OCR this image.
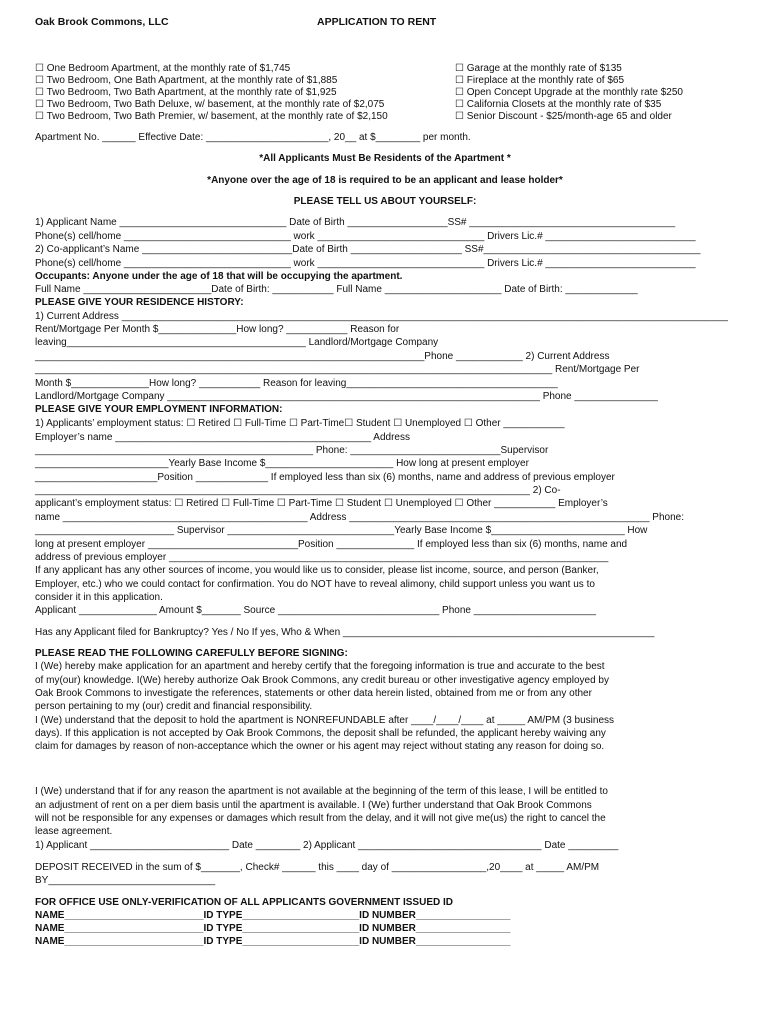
Oak Brook Commons, LLC	APPLICATION TO RENT
☐ One Bedroom Apartment, at the monthly rate of $1,745
☐ Two Bedroom, One Bath Apartment, at the monthly rate of $1,885
☐ Two Bedroom, Two Bath Apartment, at the monthly rate of $1,925
☐ Two Bedroom, Two Bath Deluxe, w/ basement, at the monthly rate of $2,075
☐ Two Bedroom, Two Bath Premier, w/ basement, at the monthly rate of $2,150
☐ Garage at the monthly rate of $135
☐ Fireplace at the monthly rate of $65
☐ Open Concept Upgrade at the monthly rate $250
☐ California Closets at the monthly rate of $35
☐ Senior Discount - $25/month-age 65 and older
Apartment No. ______ Effective Date: ______________________, 20__ at $________ per month.
*All Applicants Must Be Residents of the Apartment *
*Anyone over the age of 18 is required to be an applicant and lease holder*
PLEASE TELL US ABOUT YOURSELF:
1) Applicant Name ______________________________ Date of Birth __________________SS# _____________________________________
Phone(s) cell/home ______________________________ work ______________________________ Drivers Lic.# ___________________________
2) Co-applicant’s Name ___________________________Date of Birth ____________________ SS#_______________________________________
Phone(s) cell/home ______________________________ work ______________________________ Drivers Lic.# ___________________________
Occupants: Anyone under the age of 18 that will be occupying the apartment.
Full Name _______________________Date of Birth: ___________ Full Name _____________________ Date of Birth: _____________
PLEASE GIVE YOUR RESIDENCE HISTORY:
1) Current Address _____________________________________________________________________________________________________________
Rent/Mortgage Per Month $______________How long? ___________ Reason for
leaving___________________________________________ Landlord/Mortgage Company
______________________________________________________________________Phone ____________ 2) Current Address
_____________________________________________________________________________________________ Rent/Mortgage Per
Month $______________How long? ___________ Reason for leaving______________________________________
Landlord/Mortgage Company ___________________________________________________________________ Phone _______________
PLEASE GIVE YOUR EMPLOYMENT INFORMATION:
1) Applicants’ employment status: ☐ Retired ☐ Full-Time ☐ Part-Time☐ Student ☐ Unemployed ☐ Other ___________
Employer’s name ______________________________________________ Address
__________________________________________________ Phone: ___________________________Supervisor
________________________Yearly Base Income $_______________________ How long at present employer
______________________Position _____________ If employed less than six (6) months, name and address of previous employer
_________________________________________________________________________________________ 2) Co-
applicant’s employment status: ☐ Retired ☐ Full-Time ☐ Part-Time ☐ Student ☐ Unemployed ☐ Other ___________ Employer’s
name ____________________________________________ Address ______________________________________________________ Phone:
_________________________ Supervisor ______________________________Yearly Base Income $________________________ How
long at present employer ___________________________Position ______________ If employed less than six (6) months, name and
address of previous employer _______________________________________________________________________________
If any applicant has any other sources of income, you would like us to consider, please list income, source, and person (Banker,
Employer, etc.) who we could contact for confirmation. You do NOT have to reveal alimony, child support unless you want us to
consider it in this application.
Applicant ______________ Amount $_______ Source _____________________________ Phone ______________________
Has any Applicant filed for Bankruptcy? Yes / No If yes, Who & When ________________________________________________________
PLEASE READ THE FOLLOWING CAREFULLY BEFORE SIGNING:
I (We) hereby make application for an apartment and hereby certify that the foregoing information is true and accurate to the best
of my(our) knowledge. I(We) hereby authorize Oak Brook Commons, any credit bureau or other investigative agency employed by
Oak Brook Commons to investigate the references, statements or other data herein listed, obtained from me or from any other
person pertaining to my (our) credit and financial responsibility.
I (We) understand that the deposit to hold the apartment is NONREFUNDABLE after ____/____/____ at _____ AM/PM (3 business
days). If this application is not accepted by Oak Brook Commons, the deposit shall be refunded, the applicant hereby waiving any
claim for damages by reason of non-acceptance which the owner or his agent may reject without stating any reason for doing so.
I (We) understand that if for any reason the apartment is not available at the beginning of the term of this lease, I will be entitled to
an adjustment of rent on a per diem basis until the apartment is available. I (We) further understand that Oak Brook Commons
will not be responsible for any expenses or damages which result from the delay, and it will not give me(us) the right to cancel the
lease agreement.
1) Applicant _________________________ Date ________ 2) Applicant _________________________________ Date _________
DEPOSIT RECEIVED in the sum of $_______, Check# ______ this ____ day of _________________,20____ at _____ AM/PM
BY______________________________
FOR OFFICE USE ONLY-VERIFICATION OF ALL APPLICANTS GOVERNMENT ISSUED ID
NAME_________________________ID TYPE_____________________ID NUMBER_________________
NAME_________________________ID TYPE_____________________ID NUMBER_________________
NAME_________________________ID TYPE_____________________ID NUMBER_________________
